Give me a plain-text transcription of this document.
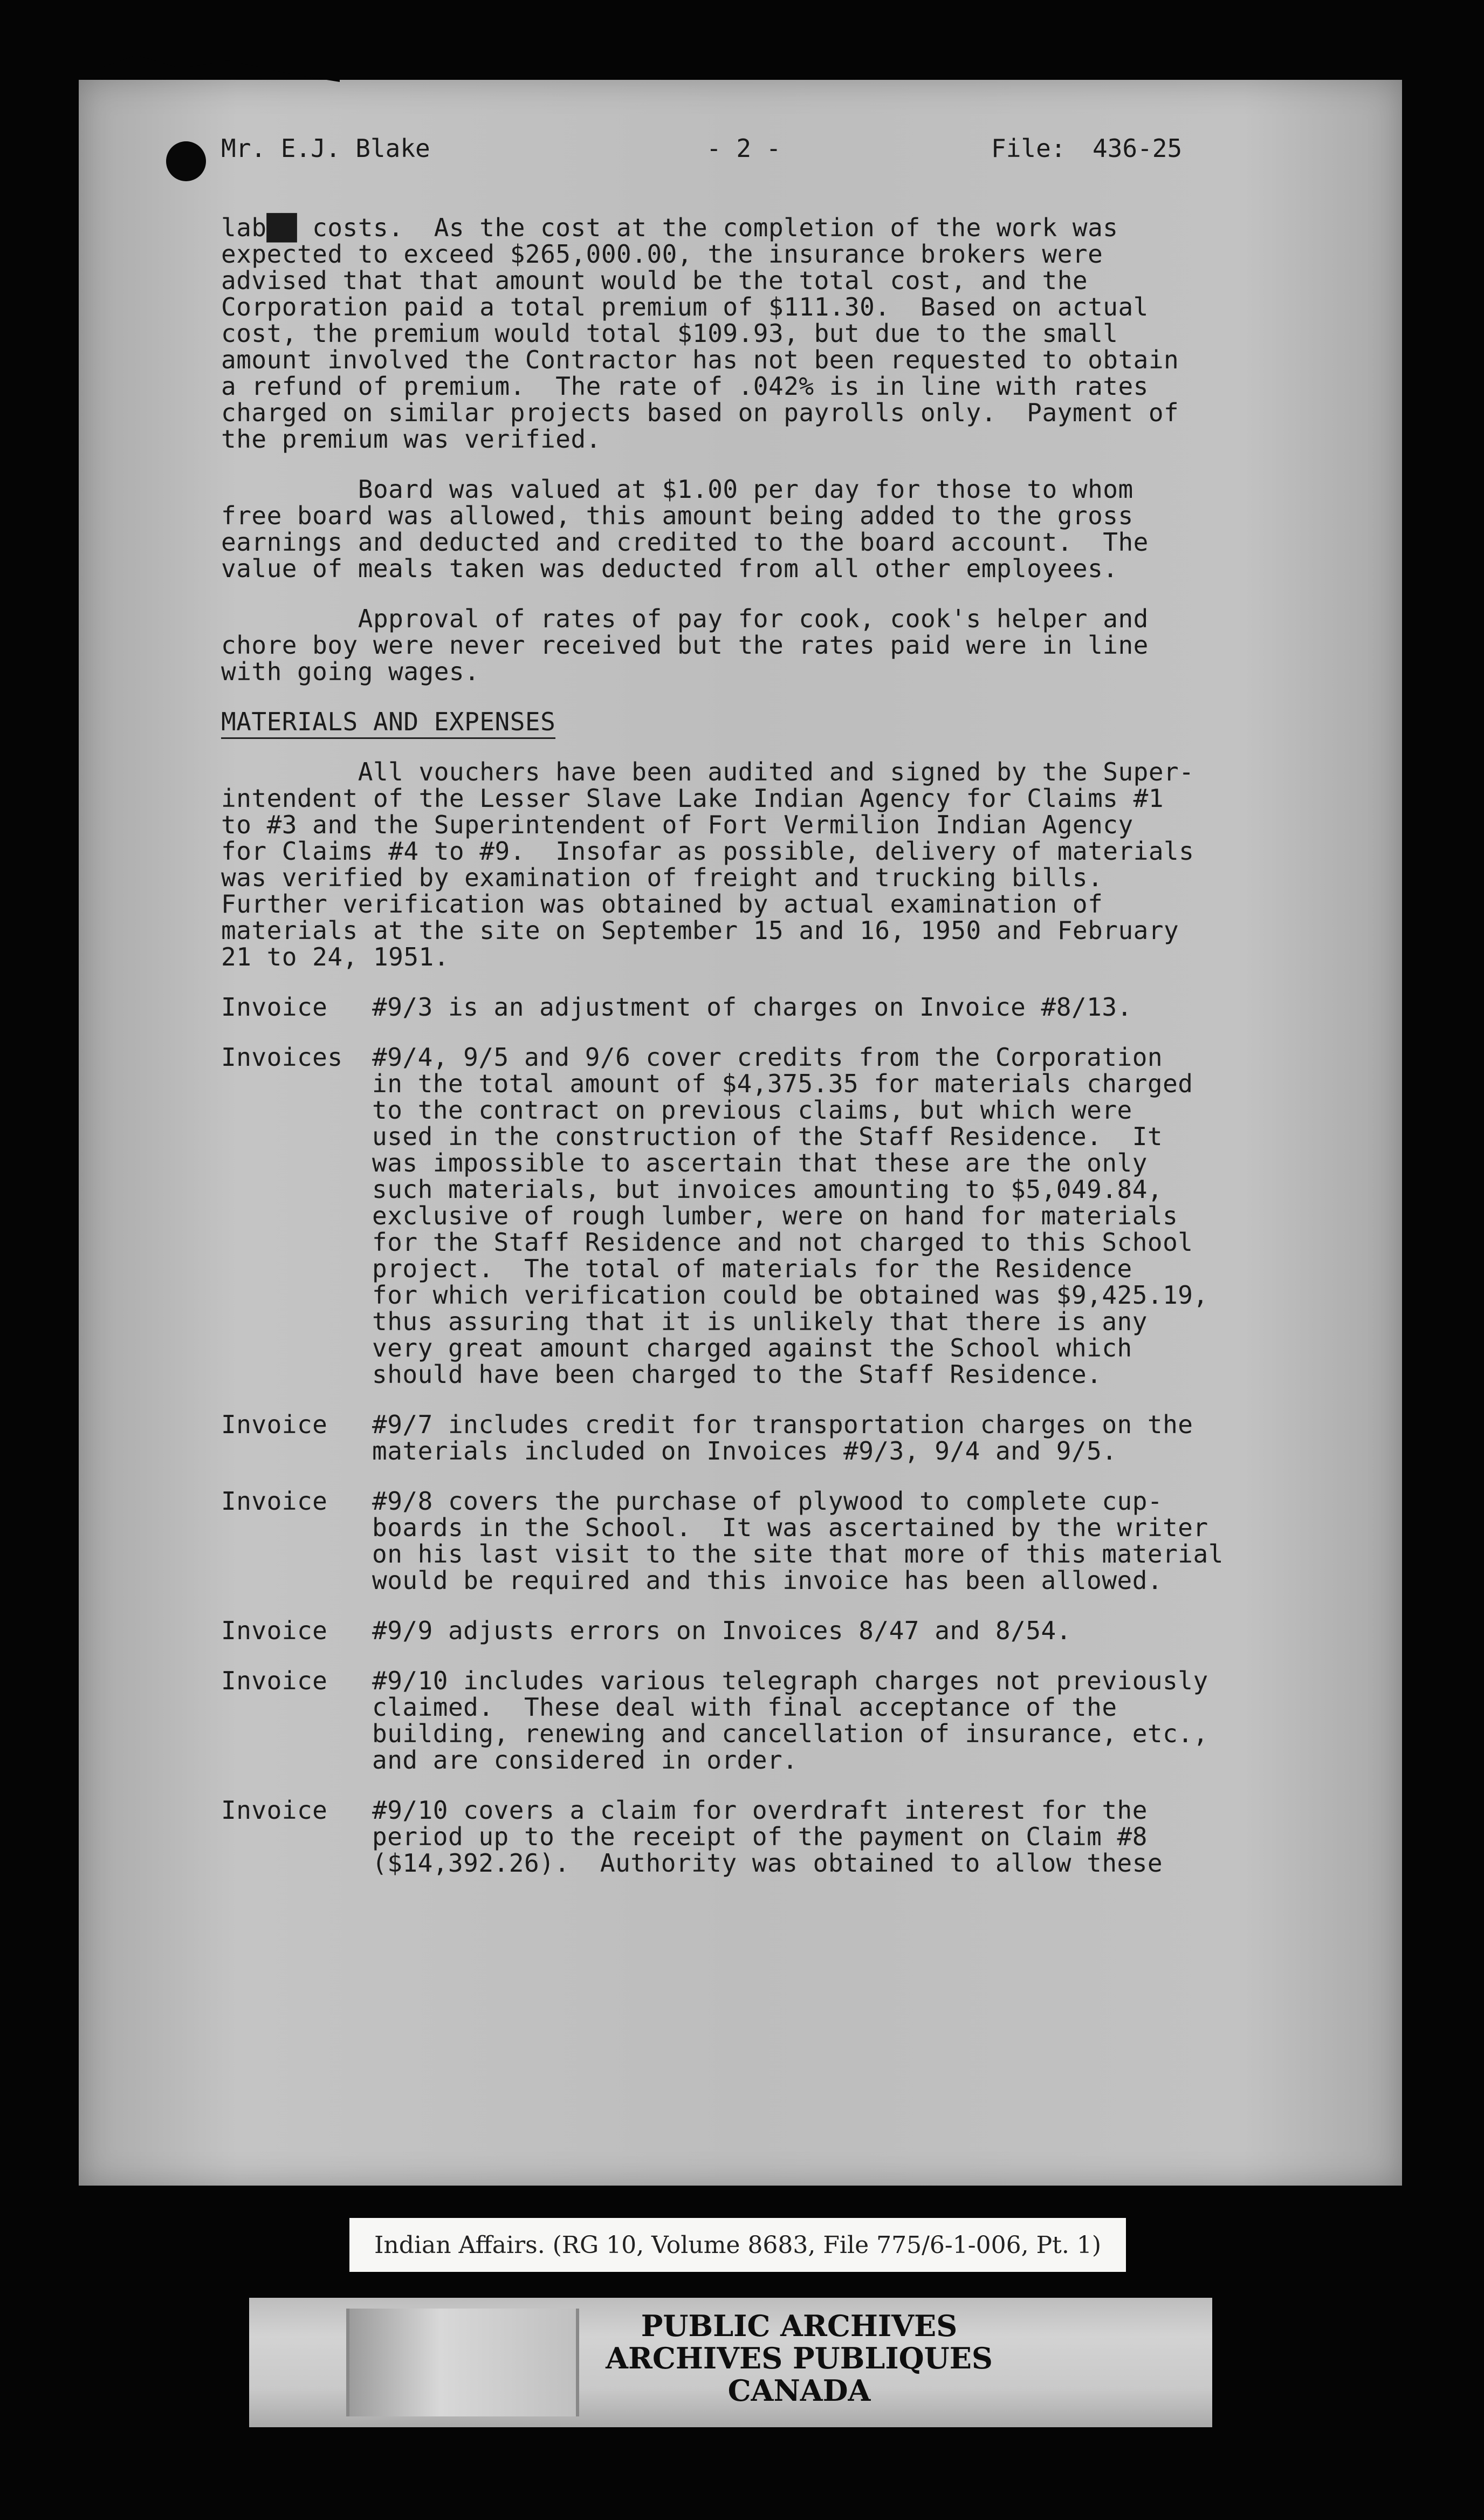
Mr. E.J. Blake	- 2 -	File: 436-25
lab██ costs.  As the cost at the completion of the work was
expected to exceed $265,000.00, the insurance brokers were
advised that that amount would be the total cost, and the
Corporation paid a total premium of $111.30.  Based on actual
cost, the premium would total $109.93, but due to the small
amount involved the Contractor has not been requested to obtain
a refund of premium.  The rate of .042% is in line with rates
charged on similar projects based on payrolls only.  Payment of
the premium was verified.
Board was valued at $1.00 per day for those to whom
free board was allowed, this amount being added to the gross
earnings and deducted and credited to the board account.  The
value of meals taken was deducted from all other employees.
Approval of rates of pay for cook, cook's helper and
chore boy were never received but the rates paid were in line
with going wages.
MATERIALS AND EXPENSES
All vouchers have been audited and signed by the Super-
intendent of the Lesser Slave Lake Indian Agency for Claims #1
to #3 and the Superintendent of Fort Vermilion Indian Agency
for Claims #4 to #9.  Insofar as possible, delivery of materials
was verified by examination of freight and trucking bills.
Further verification was obtained by actual examination of
materials at the site on September 15 and 16, 1950 and February
21 to 24, 1951.
Invoice	#9/3 is an adjustment of charges on Invoice #8/13.
Invoices	#9/4, 9/5 and 9/6 cover credits from the Corporation
in the total amount of $4,375.35 for materials charged
to the contract on previous claims, but which were
used in the construction of the Staff Residence.  It
was impossible to ascertain that these are the only
such materials, but invoices amounting to $5,049.84,
exclusive of rough lumber, were on hand for materials
for the Staff Residence and not charged to this School
project.  The total of materials for the Residence
for which verification could be obtained was $9,425.19,
thus assuring that it is unlikely that there is any
very great amount charged against the School which
should have been charged to the Staff Residence.
Invoice	#9/7 includes credit for transportation charges on the
materials included on Invoices #9/3, 9/4 and 9/5.
Invoice	#9/8 covers the purchase of plywood to complete cup-
boards in the School.  It was ascertained by the writer
on his last visit to the site that more of this material
would be required and this invoice has been allowed.
Invoice	#9/9 adjusts errors on Invoices 8/47 and 8/54.
Invoice	#9/10 includes various telegraph charges not previously
claimed.  These deal with final acceptance of the
building, renewing and cancellation of insurance, etc.,
and are considered in order.
Invoice	#9/10 covers a claim for overdraft interest for the
period up to the receipt of the payment on Claim #8
($14,392.26).  Authority was obtained to allow these
Indian Affairs. (RG 10, Volume 8683, File 775/6-1-006, Pt. 1)
PUBLIC ARCHIVES
ARCHIVES PUBLIQUES
CANADA
